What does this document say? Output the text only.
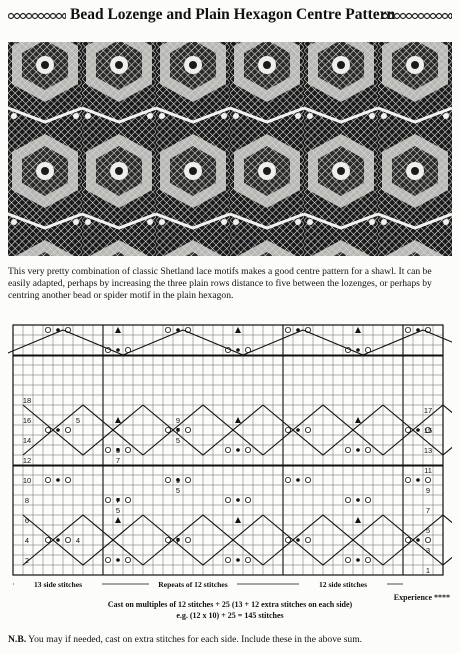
Bead Lozenge and Plain Hexagon Centre Pattern

This very pretty combination of classic Shetland lace motifs makes a good centre pattern for a shawl. It can be easily adapted, perhaps by increasing the three plain rows distance to five between the lozenges, or perhaps by centring another bead or spider motif in the plain hexagon.

18
16
14
12
10
8
6
4
2
17
15
13
11
9
7
5
3
1
5	9
7
5
5
7
9
5
7
5
4	7
13 side stitches	Repeats of 12 stitches	12 side stitches

Cast on multiples of 12 stitches + 25 (13 + 12 extra stitches on each side)

e.g. (12 x 10) + 25 = 145 stitches

Experience ****

N.B. You may if needed, cast on extra stitches for each side. Include these in the above sum.
